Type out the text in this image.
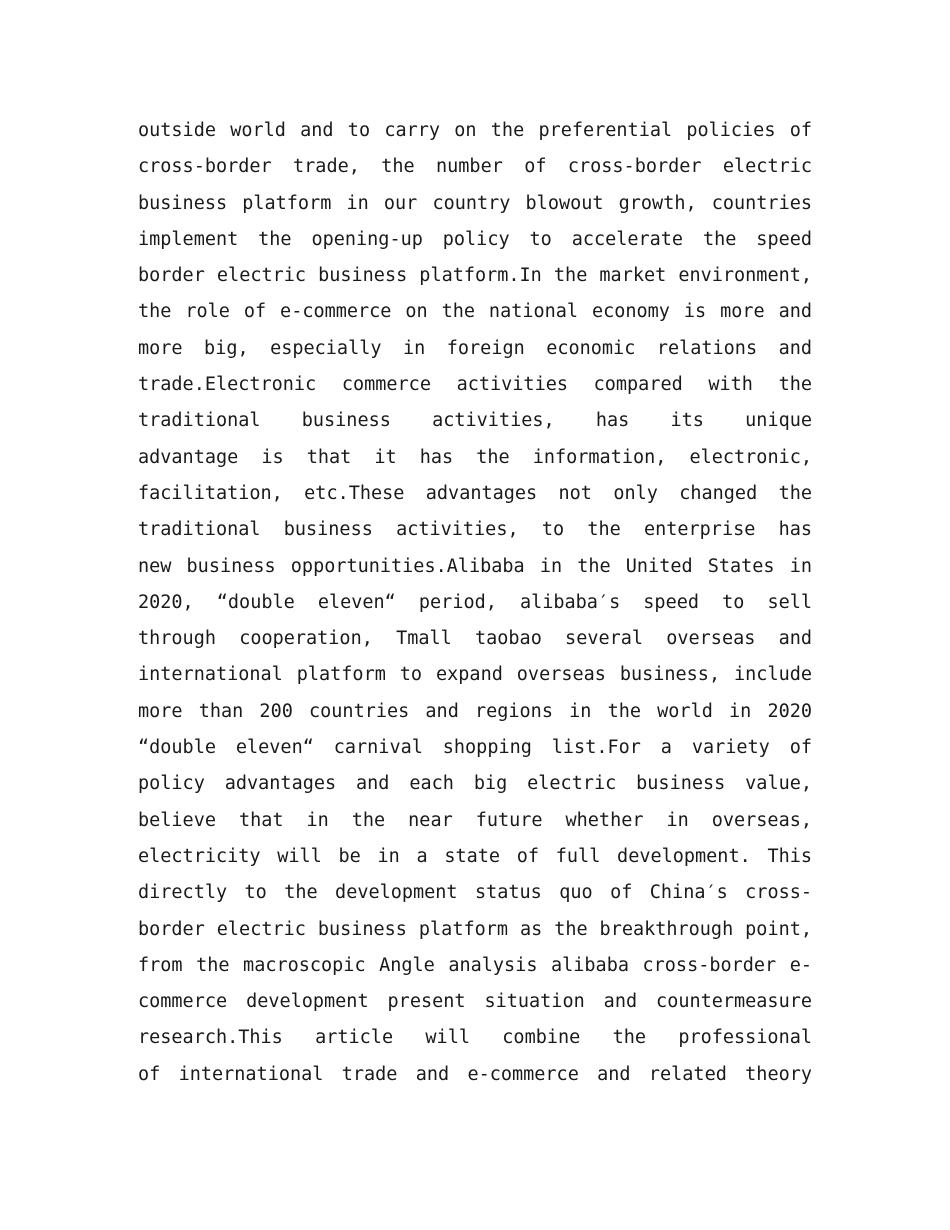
outside world and to carry on the preferential policies of
cross-border trade, the number of cross-border electric
business platform in our country blowout growth, countries
implement the opening-up policy to accelerate the speed
border electric business platform.In the market environment,
the role of e-commerce on the national economy is more and
more big, especially in foreign economic relations and
trade.Electronic commerce activities compared with the
traditional business activities, has its unique
advantage is that it has the information, electronic,
facilitation, etc.These advantages not only changed the
traditional business activities, to the enterprise has
new business opportunities.Alibaba in the United States in
2020, “double eleven“ period, alibaba′s speed to sell
through cooperation, Tmall taobao several overseas and
international platform to expand overseas business, include
more than 200 countries and regions in the world in 2020
“double eleven“ carnival shopping list.For a variety of
policy advantages and each big electric business value,
believe that in the near future whether in overseas,
electricity will be in a state of full development. This
directly to the development status quo of China′s cross-
border electric business platform as the breakthrough point,
from the macroscopic Angle analysis alibaba cross-border e-
commerce development present situation and countermeasure
research.This article will combine the professional
of international trade and e-commerce and related theory
